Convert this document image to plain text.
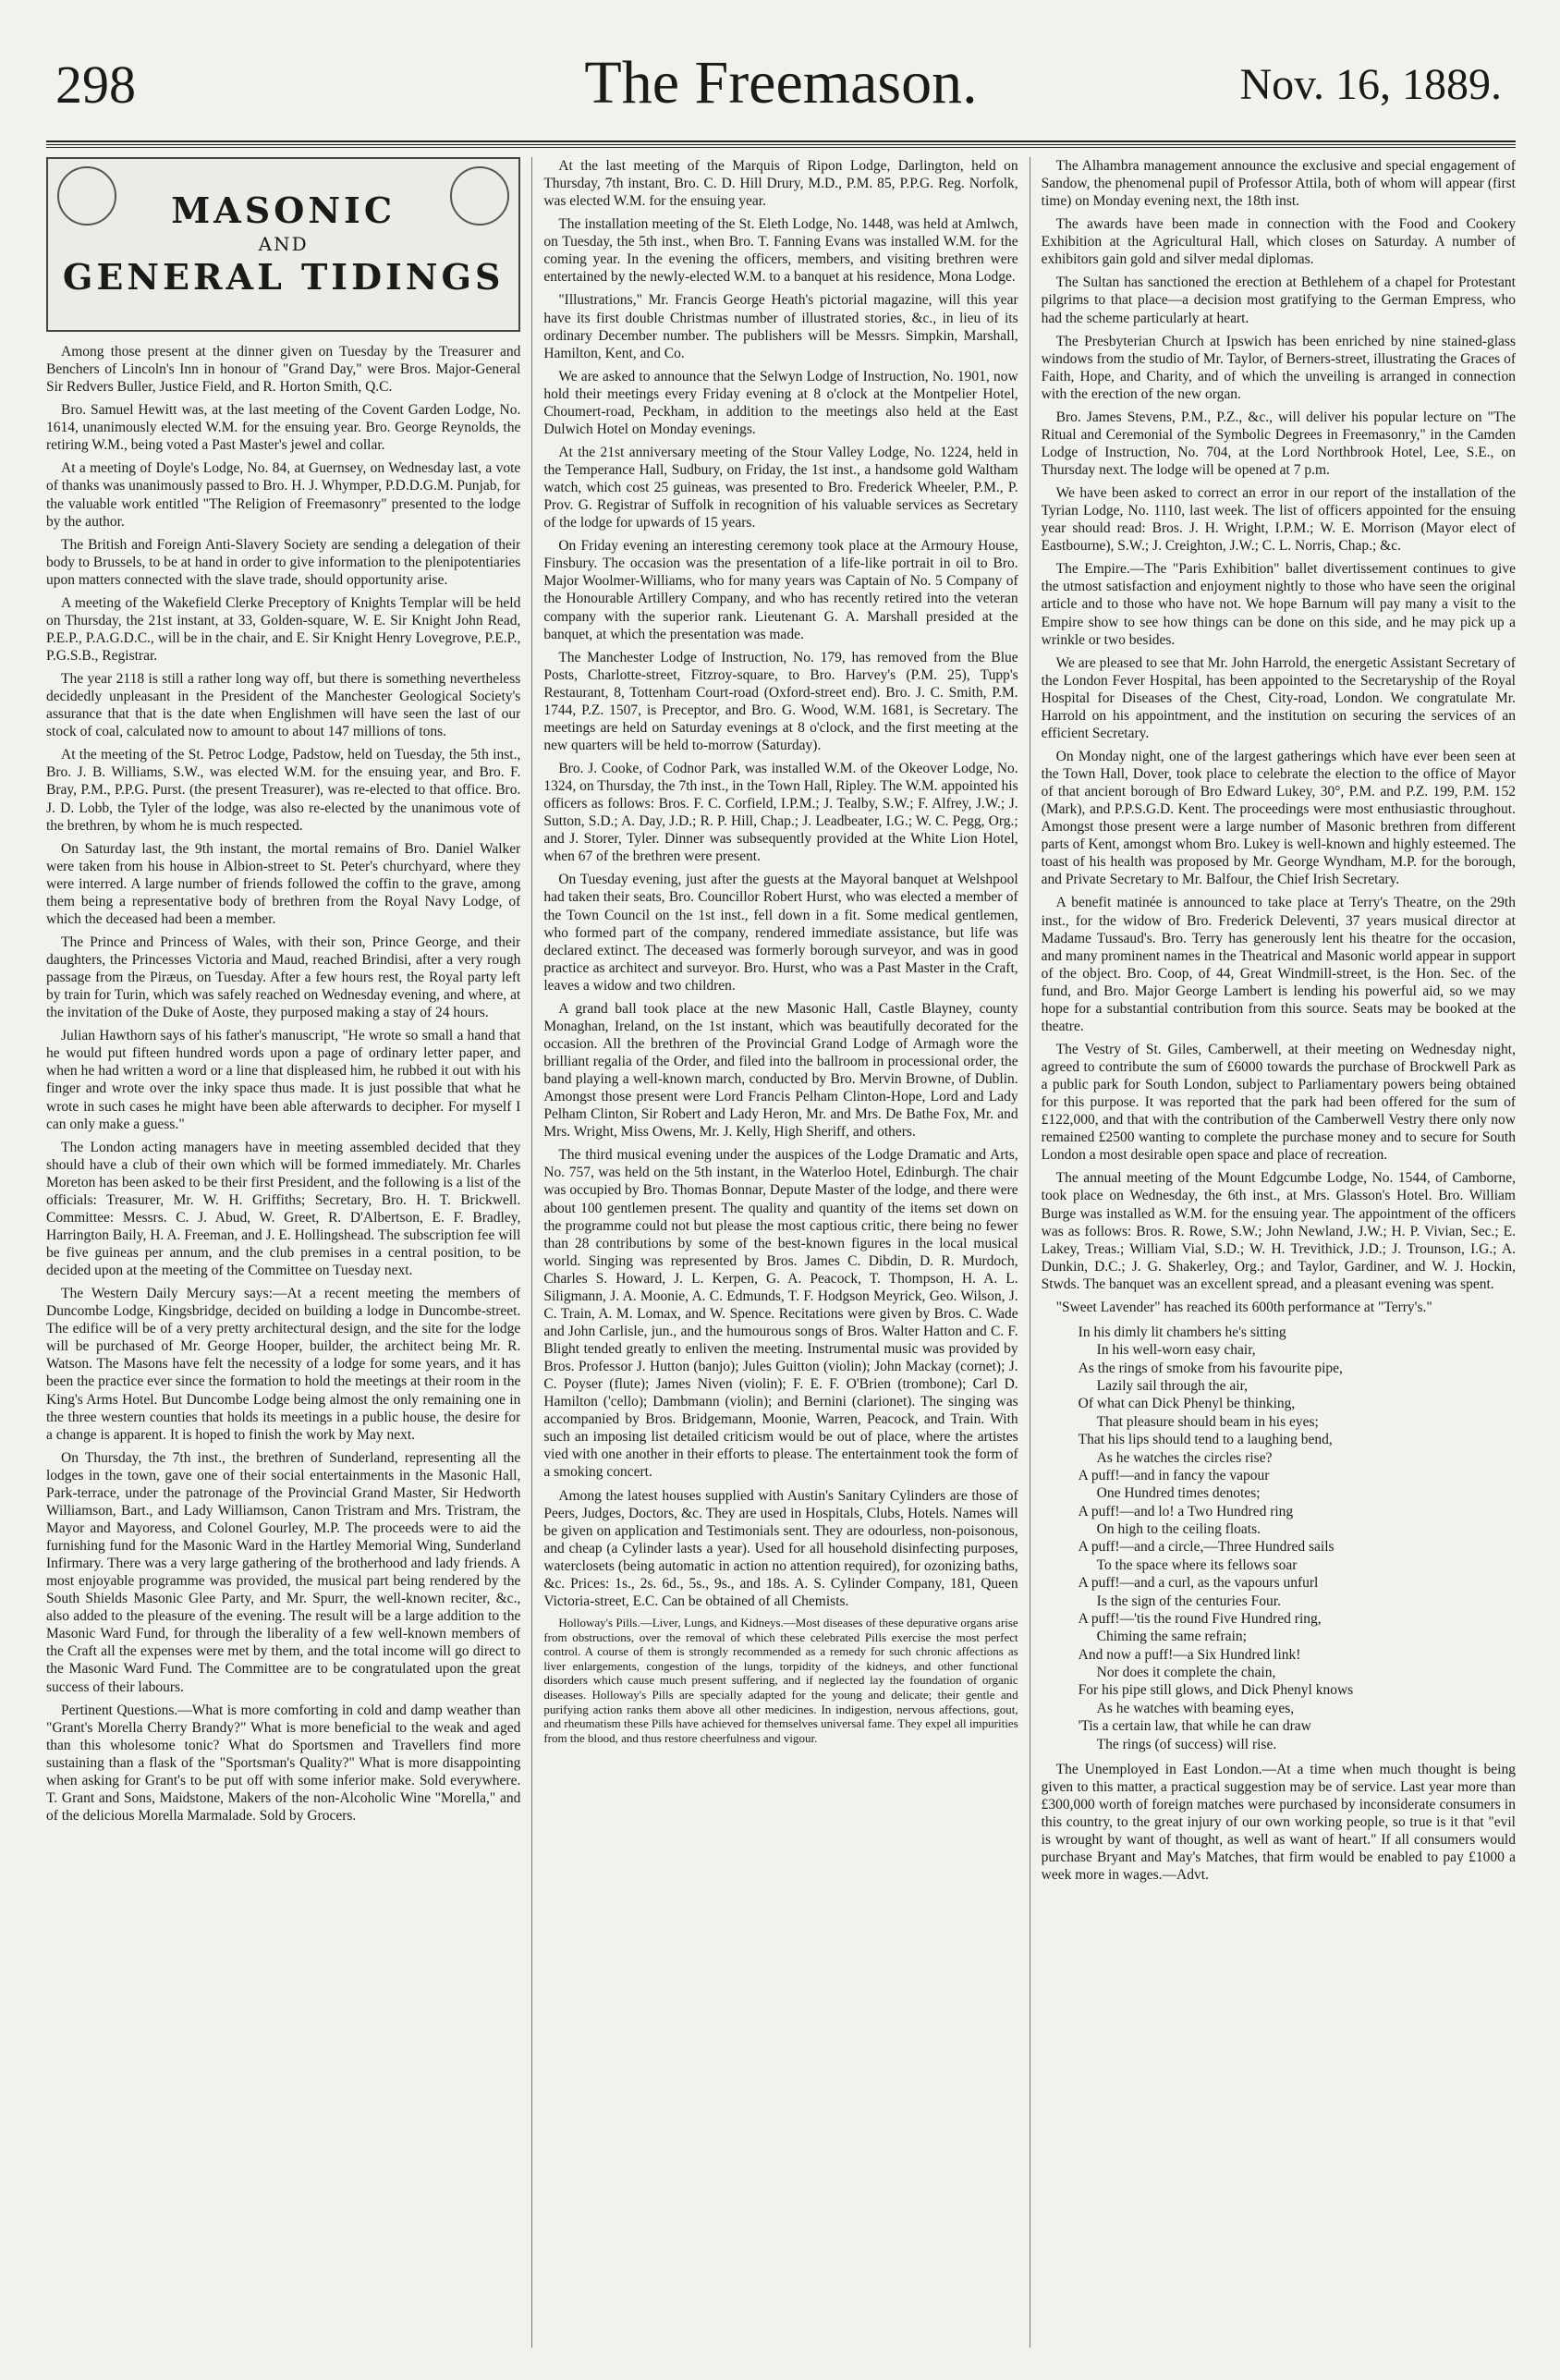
298	The Freemason.	Nov. 16, 1889.
MASONIC
AND
GENERAL TIDINGS

Among those present at the dinner given on Tuesday by the Treasurer and Benchers of Lincoln's Inn in honour of "Grand Day," were Bros. Major-General Sir Redvers Buller, Justice Field, and R. Horton Smith, Q.C.

Bro. Samuel Hewitt was, at the last meeting of the Covent Garden Lodge, No. 1614, unanimously elected W.M. for the ensuing year. Bro. George Reynolds, the retiring W.M., being voted a Past Master's jewel and collar.

At a meeting of Doyle's Lodge, No. 84, at Guernsey, on Wednesday last, a vote of thanks was unanimously passed to Bro. H. J. Whymper, P.D.D.G.M. Punjab, for the valuable work entitled "The Religion of Freemasonry" presented to the lodge by the author.

The British and Foreign Anti-Slavery Society are sending a delegation of their body to Brussels, to be at hand in order to give information to the plenipotentiaries upon matters connected with the slave trade, should opportunity arise.

A meeting of the Wakefield Clerke Preceptory of Knights Templar will be held on Thursday, the 21st instant, at 33, Golden-square, W. E. Sir Knight John Read, P.E.P., P.A.G.D.C., will be in the chair, and E. Sir Knight Henry Lovegrove, P.E.P., P.G.S.B., Registrar.

The year 2118 is still a rather long way off, but there is something nevertheless decidedly unpleasant in the President of the Manchester Geological Society's assurance that that is the date when Englishmen will have seen the last of our stock of coal, calculated now to amount to about 147 millions of tons.

At the meeting of the St. Petroc Lodge, Padstow, held on Tuesday, the 5th inst., Bro. J. B. Williams, S.W., was elected W.M. for the ensuing year, and Bro. F. Bray, P.M., P.P.G. Purst. (the present Treasurer), was re-elected to that office. Bro. J. D. Lobb, the Tyler of the lodge, was also re-elected by the unanimous vote of the brethren, by whom he is much respected.

On Saturday last, the 9th instant, the mortal remains of Bro. Daniel Walker were taken from his house in Albion-street to St. Peter's churchyard, where they were interred. A large number of friends followed the coffin to the grave, among them being a representative body of brethren from the Royal Navy Lodge, of which the deceased had been a member.

The Prince and Princess of Wales, with their son, Prince George, and their daughters, the Princesses Victoria and Maud, reached Brindisi, after a very rough passage from the Piræus, on Tuesday. After a few hours rest, the Royal party left by train for Turin, which was safely reached on Wednesday evening, and where, at the invitation of the Duke of Aoste, they purposed making a stay of 24 hours.

Julian Hawthorn says of his father's manuscript, "He wrote so small a hand that he would put fifteen hundred words upon a page of ordinary letter paper, and when he had written a word or a line that displeased him, he rubbed it out with his finger and wrote over the inky space thus made. It is just possible that what he wrote in such cases he might have been able afterwards to decipher. For myself I can only make a guess."

The London acting managers have in meeting assembled decided that they should have a club of their own which will be formed immediately. Mr. Charles Moreton has been asked to be their first President, and the following is a list of the officials: Treasurer, Mr. W. H. Griffiths; Secretary, Bro. H. T. Brickwell. Committee: Messrs. C. J. Abud, W. Greet, R. D'Albertson, E. F. Bradley, Harrington Baily, H. A. Freeman, and J. E. Hollingshead. The subscription fee will be five guineas per annum, and the club premises in a central position, to be decided upon at the meeting of the Committee on Tuesday next.

The Western Daily Mercury says:—At a recent meeting the members of Duncombe Lodge, Kingsbridge, decided on building a lodge in Duncombe-street. The edifice will be of a very pretty architectural design, and the site for the lodge will be purchased of Mr. George Hooper, builder, the architect being Mr. R. Watson. The Masons have felt the necessity of a lodge for some years, and it has been the practice ever since the formation to hold the meetings at their room in the King's Arms Hotel. But Duncombe Lodge being almost the only remaining one in the three western counties that holds its meetings in a public house, the desire for a change is apparent. It is hoped to finish the work by May next.

On Thursday, the 7th inst., the brethren of Sunderland, representing all the lodges in the town, gave one of their social entertainments in the Masonic Hall, Park-terrace, under the patronage of the Provincial Grand Master, Sir Hedworth Williamson, Bart., and Lady Williamson, Canon Tristram and Mrs. Tristram, the Mayor and Mayoress, and Colonel Gourley, M.P. The proceeds were to aid the furnishing fund for the Masonic Ward in the Hartley Memorial Wing, Sunderland Infirmary. There was a very large gathering of the brotherhood and lady friends. A most enjoyable programme was provided, the musical part being rendered by the South Shields Masonic Glee Party, and Mr. Spurr, the well-known reciter, &c., also added to the pleasure of the evening. The result will be a large addition to the Masonic Ward Fund, for through the liberality of a few well-known members of the Craft all the expenses were met by them, and the total income will go direct to the Masonic Ward Fund. The Committee are to be congratulated upon the great success of their labours.

Pertinent Questions.—What is more comforting in cold and damp weather than "Grant's Morella Cherry Brandy?" What is more beneficial to the weak and aged than this wholesome tonic? What do Sportsmen and Travellers find more sustaining than a flask of the "Sportsman's Quality?" What is more disappointing when asking for Grant's to be put off with some inferior make. Sold everywhere. T. Grant and Sons, Maidstone, Makers of the non-Alcoholic Wine "Morella," and of the delicious Morella Marmalade. Sold by Grocers.

At the last meeting of the Marquis of Ripon Lodge, Darlington, held on Thursday, 7th instant, Bro. C. D. Hill Drury, M.D., P.M. 85, P.P.G. Reg. Norfolk, was elected W.M. for the ensuing year.

The installation meeting of the St. Eleth Lodge, No. 1448, was held at Amlwch, on Tuesday, the 5th inst., when Bro. T. Fanning Evans was installed W.M. for the coming year. In the evening the officers, members, and visiting brethren were entertained by the newly-elected W.M. to a banquet at his residence, Mona Lodge.

"Illustrations," Mr. Francis George Heath's pictorial magazine, will this year have its first double Christmas number of illustrated stories, &c., in lieu of its ordinary December number. The publishers will be Messrs. Simpkin, Marshall, Hamilton, Kent, and Co.

We are asked to announce that the Selwyn Lodge of Instruction, No. 1901, now hold their meetings every Friday evening at 8 o'clock at the Montpelier Hotel, Choumert-road, Peckham, in addition to the meetings also held at the East Dulwich Hotel on Monday evenings.

At the 21st anniversary meeting of the Stour Valley Lodge, No. 1224, held in the Temperance Hall, Sudbury, on Friday, the 1st inst., a handsome gold Waltham watch, which cost 25 guineas, was presented to Bro. Frederick Wheeler, P.M., P. Prov. G. Registrar of Suffolk in recognition of his valuable services as Secretary of the lodge for upwards of 15 years.

On Friday evening an interesting ceremony took place at the Armoury House, Finsbury. The occasion was the presentation of a life-like portrait in oil to Bro. Major Woolmer-Williams, who for many years was Captain of No. 5 Company of the Honourable Artillery Company, and who has recently retired into the veteran company with the superior rank. Lieutenant G. A. Marshall presided at the banquet, at which the presentation was made.

The Manchester Lodge of Instruction, No. 179, has removed from the Blue Posts, Charlotte-street, Fitzroy-square, to Bro. Harvey's (P.M. 25), Tupp's Restaurant, 8, Tottenham Court-road (Oxford-street end). Bro. J. C. Smith, P.M. 1744, P.Z. 1507, is Preceptor, and Bro. G. Wood, W.M. 1681, is Secretary. The meetings are held on Saturday evenings at 8 o'clock, and the first meeting at the new quarters will be held to-morrow (Saturday).

Bro. J. Cooke, of Codnor Park, was installed W.M. of the Okeover Lodge, No. 1324, on Thursday, the 7th inst., in the Town Hall, Ripley. The W.M. appointed his officers as follows: Bros. F. C. Corfield, I.P.M.; J. Tealby, S.W.; F. Alfrey, J.W.; J. Sutton, S.D.; A. Day, J.D.; R. P. Hill, Chap.; J. Leadbeater, I.G.; W. C. Pegg, Org.; and J. Storer, Tyler. Dinner was subsequently provided at the White Lion Hotel, when 67 of the brethren were present.

On Tuesday evening, just after the guests at the Mayoral banquet at Welshpool had taken their seats, Bro. Councillor Robert Hurst, who was elected a member of the Town Council on the 1st inst., fell down in a fit. Some medical gentlemen, who formed part of the company, rendered immediate assistance, but life was declared extinct. The deceased was formerly borough surveyor, and was in good practice as architect and surveyor. Bro. Hurst, who was a Past Master in the Craft, leaves a widow and two children.

A grand ball took place at the new Masonic Hall, Castle Blayney, county Monaghan, Ireland, on the 1st instant, which was beautifully decorated for the occasion. All the brethren of the Provincial Grand Lodge of Armagh wore the brilliant regalia of the Order, and filed into the ballroom in processional order, the band playing a well-known march, conducted by Bro. Mervin Browne, of Dublin. Amongst those present were Lord Francis Pelham Clinton-Hope, Lord and Lady Pelham Clinton, Sir Robert and Lady Heron, Mr. and Mrs. De Bathe Fox, Mr. and Mrs. Wright, Miss Owens, Mr. J. Kelly, High Sheriff, and others.

The third musical evening under the auspices of the Lodge Dramatic and Arts, No. 757, was held on the 5th instant, in the Waterloo Hotel, Edinburgh. The chair was occupied by Bro. Thomas Bonnar, Depute Master of the lodge, and there were about 100 gentlemen present. The quality and quantity of the items set down on the programme could not but please the most captious critic, there being no fewer than 28 contributions by some of the best-known figures in the local musical world. Singing was represented by Bros. James C. Dibdin, D. R. Murdoch, Charles S. Howard, J. L. Kerpen, G. A. Peacock, T. Thompson, H. A. L. Siligmann, J. A. Moonie, A. C. Edmunds, T. F. Hodgson Meyrick, Geo. Wilson, J. C. Train, A. M. Lomax, and W. Spence. Recitations were given by Bros. C. Wade and John Carlisle, jun., and the humourous songs of Bros. Walter Hatton and C. F. Blight tended greatly to enliven the meeting. Instrumental music was provided by Bros. Professor J. Hutton (banjo); Jules Guitton (violin); John Mackay (cornet); J. C. Poyser (flute); James Niven (violin); F. E. F. O'Brien (trombone); Carl D. Hamilton ('cello); Dambmann (violin); and Bernini (clarionet). The singing was accompanied by Bros. Bridgemann, Moonie, Warren, Peacock, and Train. With such an imposing list detailed criticism would be out of place, where the artistes vied with one another in their efforts to please. The entertainment took the form of a smoking concert.

Among the latest houses supplied with Austin's Sanitary Cylinders are those of Peers, Judges, Doctors, &c. They are used in Hospitals, Clubs, Hotels. Names will be given on application and Testimonials sent. They are odourless, non-poisonous, and cheap (a Cylinder lasts a year). Used for all household disinfecting purposes, waterclosets (being automatic in action no attention required), for ozonizing baths, &c. Prices: 1s., 2s. 6d., 5s., 9s., and 18s. A. S. Cylinder Company, 181, Queen Victoria-street, E.C. Can be obtained of all Chemists.

Holloway's Pills.—Liver, Lungs, and Kidneys.—Most diseases of these depurative organs arise from obstructions, over the removal of which these celebrated Pills exercise the most perfect control. A course of them is strongly recommended as a remedy for such chronic affections as liver enlargements, congestion of the lungs, torpidity of the kidneys, and other functional disorders which cause much present suffering, and if neglected lay the foundation of organic diseases. Holloway's Pills are specially adapted for the young and delicate; their gentle and purifying action ranks them above all other medicines. In indigestion, nervous affections, gout, and rheumatism these Pills have achieved for themselves universal fame. They expel all impurities from the blood, and thus restore cheerfulness and vigour.

The Alhambra management announce the exclusive and special engagement of Sandow, the phenomenal pupil of Professor Attila, both of whom will appear (first time) on Monday evening next, the 18th inst.

The awards have been made in connection with the Food and Cookery Exhibition at the Agricultural Hall, which closes on Saturday. A number of exhibitors gain gold and silver medal diplomas.

The Sultan has sanctioned the erection at Bethlehem of a chapel for Protestant pilgrims to that place—a decision most gratifying to the German Empress, who had the scheme particularly at heart.

The Presbyterian Church at Ipswich has been enriched by nine stained-glass windows from the studio of Mr. Taylor, of Berners-street, illustrating the Graces of Faith, Hope, and Charity, and of which the unveiling is arranged in connection with the erection of the new organ.

Bro. James Stevens, P.M., P.Z., &c., will deliver his popular lecture on "The Ritual and Ceremonial of the Symbolic Degrees in Freemasonry," in the Camden Lodge of Instruction, No. 704, at the Lord Northbrook Hotel, Lee, S.E., on Thursday next. The lodge will be opened at 7 p.m.

We have been asked to correct an error in our report of the installation of the Tyrian Lodge, No. 1110, last week. The list of officers appointed for the ensuing year should read: Bros. J. H. Wright, I.P.M.; W. E. Morrison (Mayor elect of Eastbourne), S.W.; J. Creighton, J.W.; C. L. Norris, Chap.; &c.

The Empire.—The "Paris Exhibition" ballet divertissement continues to give the utmost satisfaction and enjoyment nightly to those who have seen the original article and to those who have not. We hope Barnum will pay many a visit to the Empire show to see how things can be done on this side, and he may pick up a wrinkle or two besides.

We are pleased to see that Mr. John Harrold, the energetic Assistant Secretary of the London Fever Hospital, has been appointed to the Secretaryship of the Royal Hospital for Diseases of the Chest, City-road, London. We congratulate Mr. Harrold on his appointment, and the institution on securing the services of an efficient Secretary.

On Monday night, one of the largest gatherings which have ever been seen at the Town Hall, Dover, took place to celebrate the election to the office of Mayor of that ancient borough of Bro Edward Lukey, 30°, P.M. and P.Z. 199, P.M. 152 (Mark), and P.P.S.G.D. Kent. The proceedings were most enthusiastic throughout. Amongst those present were a large number of Masonic brethren from different parts of Kent, amongst whom Bro. Lukey is well-known and highly esteemed. The toast of his health was proposed by Mr. George Wyndham, M.P. for the borough, and Private Secretary to Mr. Balfour, the Chief Irish Secretary.

A benefit matinée is announced to take place at Terry's Theatre, on the 29th inst., for the widow of Bro. Frederick Deleventi, 37 years musical director at Madame Tussaud's. Bro. Terry has generously lent his theatre for the occasion, and many prominent names in the Theatrical and Masonic world appear in support of the object. Bro. Coop, of 44, Great Windmill-street, is the Hon. Sec. of the fund, and Bro. Major George Lambert is lending his powerful aid, so we may hope for a substantial contribution from this source. Seats may be booked at the theatre.

The Vestry of St. Giles, Camberwell, at their meeting on Wednesday night, agreed to contribute the sum of £6000 towards the purchase of Brockwell Park as a public park for South London, subject to Parliamentary powers being obtained for this purpose. It was reported that the park had been offered for the sum of £122,000, and that with the contribution of the Camberwell Vestry there only now remained £2500 wanting to complete the purchase money and to secure for South London a most desirable open space and place of recreation.

The annual meeting of the Mount Edgcumbe Lodge, No. 1544, of Camborne, took place on Wednesday, the 6th inst., at Mrs. Glasson's Hotel. Bro. William Burge was installed as W.M. for the ensuing year. The appointment of the officers was as follows: Bros. R. Rowe, S.W.; John Newland, J.W.; H. P. Vivian, Sec.; E. Lakey, Treas.; William Vial, S.D.; W. H. Trevithick, J.D.; J. Trounson, I.G.; A. Dunkin, D.C.; J. G. Shakerley, Org.; and Taylor, Gardiner, and W. J. Hockin, Stwds. The banquet was an excellent spread, and a pleasant evening was spent.

"Sweet Lavender" has reached its 600th performance at "Terry's."

In his dimly lit chambers he's sitting
In his well-worn easy chair,
As the rings of smoke from his favourite pipe,
Lazily sail through the air,
Of what can Dick Phenyl be thinking,
That pleasure should beam in his eyes;
That his lips should tend to a laughing bend,
As he watches the circles rise?
A puff!—and in fancy the vapour
One Hundred times denotes;
A puff!—and lo! a Two Hundred ring
On high to the ceiling floats.
A puff!—and a circle,—Three Hundred sails
To the space where its fellows soar
A puff!—and a curl, as the vapours unfurl
Is the sign of the centuries Four.
A puff!—'tis the round Five Hundred ring,
Chiming the same refrain;
And now a puff!—a Six Hundred link!
Nor does it complete the chain,
For his pipe still glows, and Dick Phenyl knows
As he watches with beaming eyes,
'Tis a certain law, that while he can draw
The rings (of success) will rise.

The Unemployed in East London.—At a time when much thought is being given to this matter, a practical suggestion may be of service. Last year more than £300,000 worth of foreign matches were purchased by inconsiderate consumers in this country, to the great injury of our own working people, so true is it that "evil is wrought by want of thought, as well as want of heart." If all consumers would purchase Bryant and May's Matches, that firm would be enabled to pay £1000 a week more in wages.—Advt.
